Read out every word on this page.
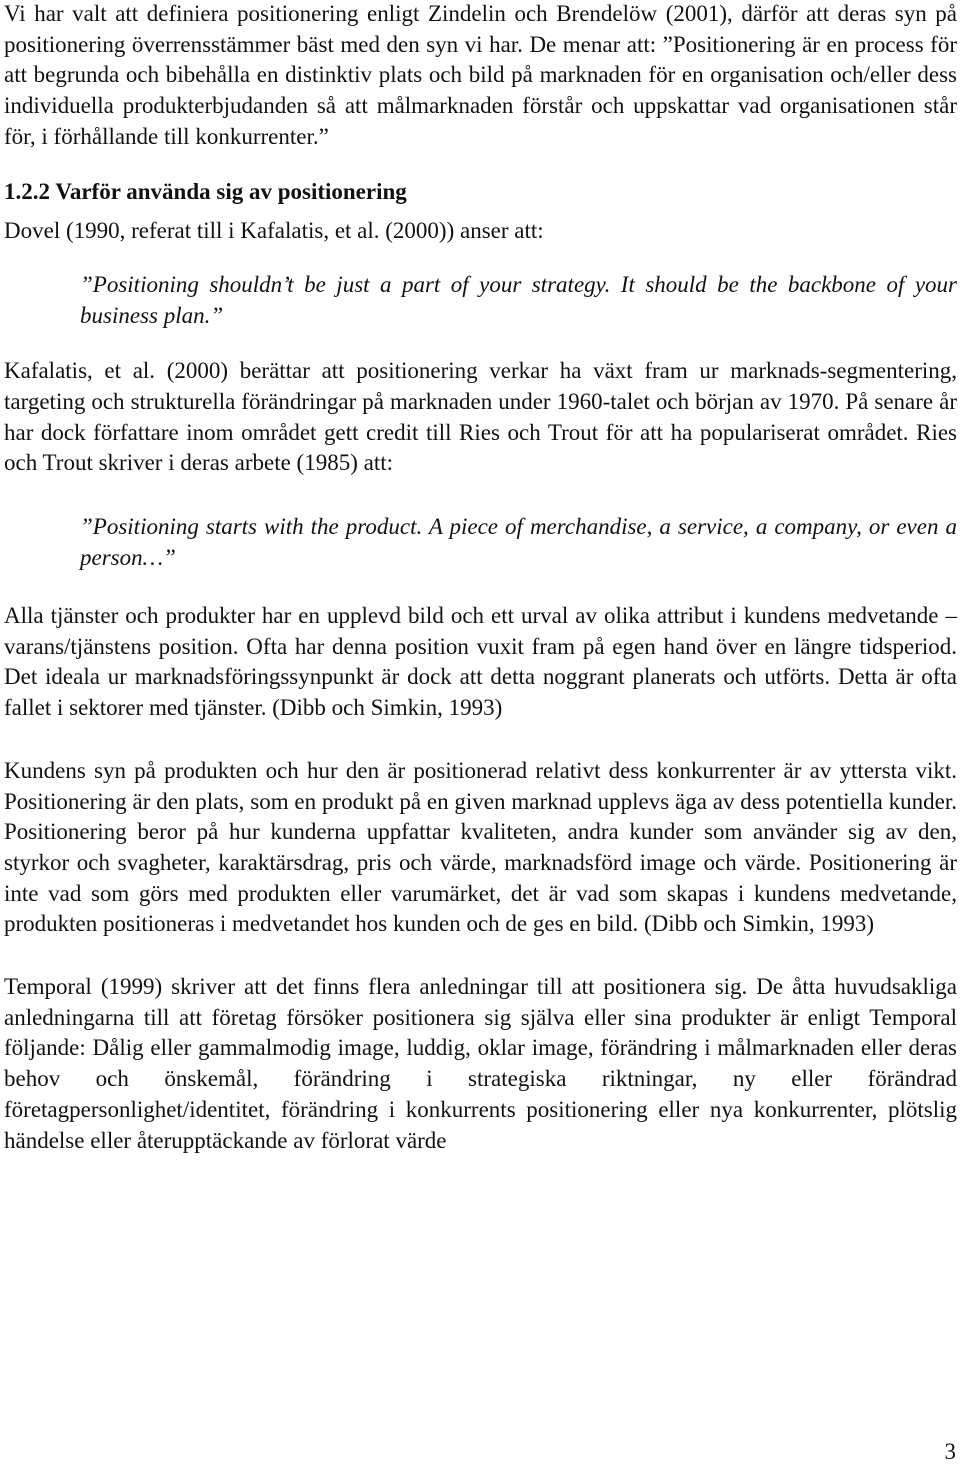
Vi har valt att definiera positionering enligt Zindelin och Brendelöw (2001), därför att deras syn på positionering överrensstämmer bäst med den syn vi har. De menar att: ”Positionering är en process för att begrunda och bibehålla en distinktiv plats och bild på marknaden för en organisation och/eller dess individuella produkterbjudanden så att målmarknaden förstår och uppskattar vad organisationen står för, i förhållande till konkurrenter.”

1.2.2 Varför använda sig av positionering

Dovel (1990, referat till i Kafalatis, et al. (2000)) anser att:

”Positioning shouldn’t be just a part of your strategy. It should be the backbone of your business plan.”

Kafalatis, et al. (2000) berättar att positionering verkar ha växt fram ur marknads-segmentering, targeting och strukturella förändringar på marknaden under 1960-talet och början av 1970. På senare år har dock författare inom området gett credit till Ries och Trout för att ha populariserat området. Ries och Trout skriver i deras arbete (1985) att:

”Positioning starts with the product. A piece of merchandise, a service, a company, or even a person…”

Alla tjänster och produkter har en upplevd bild och ett urval av olika attribut i kundens medvetande – varans/tjänstens position. Ofta har denna position vuxit fram på egen hand över en längre tidsperiod. Det ideala ur marknadsföringssynpunkt är dock att detta noggrant planerats och utförts. Detta är ofta fallet i sektorer med tjänster. (Dibb och Simkin, 1993)

Kundens syn på produkten och hur den är positionerad relativt dess konkurrenter är av yttersta vikt. Positionering är den plats, som en produkt på en given marknad upplevs äga av dess potentiella kunder. Positionering beror på hur kunderna uppfattar kvaliteten, andra kunder som använder sig av den, styrkor och svagheter, karaktärsdrag, pris och värde, marknadsförd image och värde. Positionering är inte vad som görs med produkten eller varumärket, det är vad som skapas i kundens medvetande, produkten positioneras i medvetandet hos kunden och de ges en bild. (Dibb och Simkin, 1993)

Temporal (1999) skriver att det finns flera anledningar till att positionera sig. De åtta huvudsakliga anledningarna till att företag försöker positionera sig själva eller sina produkter är enligt Temporal följande: Dålig eller gammalmodig image, luddig, oklar image, förändring i målmarknaden eller deras behov och önskemål, förändring i strategiska riktningar, ny eller förändrad företagpersonlighet/identitet, förändring i konkurrents positionering eller nya konkurrenter, plötslig händelse eller återupptäckande av förlorat värde

3
